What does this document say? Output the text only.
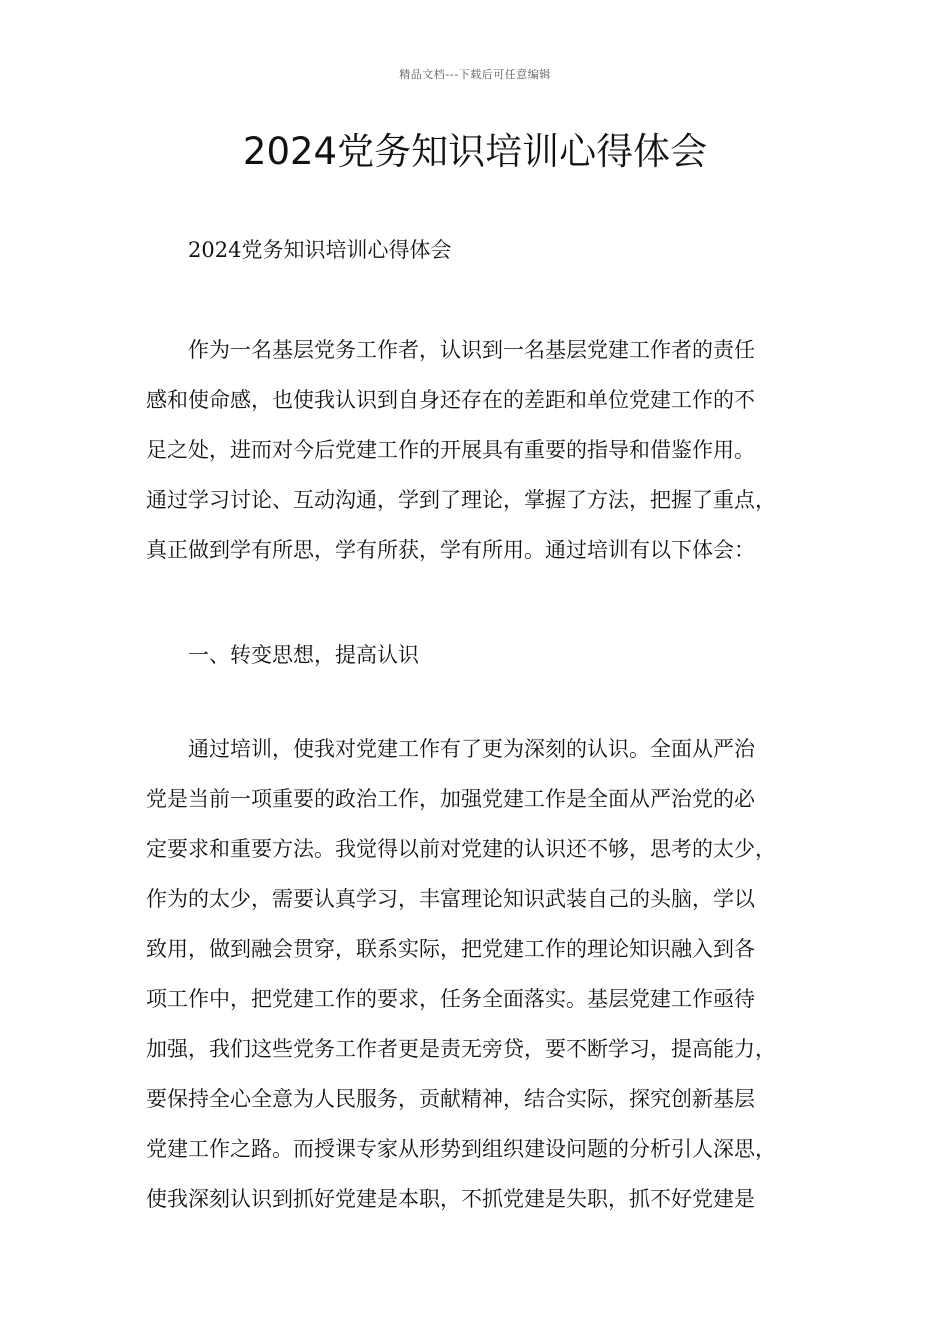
精品文档---下载后可任意编辑
2024党务知识培训心得体会
2024党务知识培训心得体会
作为一名基层党务工作者，认识到一名基层党建工作者的责任
感和使命感，也使我认识到自身还存在的差距和单位党建工作的不
足之处，进而对今后党建工作的开展具有重要的指导和借鉴作用。
通过学习讨论、互动沟通，学到了理论，掌握了方法，把握了重点，
真正做到学有所思，学有所获，学有所用。通过培训有以下体会：
一、转变思想，提高认识
通过培训，使我对党建工作有了更为深刻的认识。全面从严治
党是当前一项重要的政治工作，加强党建工作是全面从严治党的必
定要求和重要方法。我觉得以前对党建的认识还不够，思考的太少，
作为的太少，需要认真学习，丰富理论知识武装自己的头脑，学以
致用，做到融会贯穿，联系实际，把党建工作的理论知识融入到各
项工作中，把党建工作的要求，任务全面落实。基层党建工作亟待
加强，我们这些党务工作者更是责无旁贷，要不断学习，提高能力，
要保持全心全意为人民服务，贡献精神，结合实际，探究创新基层
党建工作之路。而授课专家从形势到组织建设问题的分析引人深思，
使我深刻认识到抓好党建是本职，不抓党建是失职，抓不好党建是
